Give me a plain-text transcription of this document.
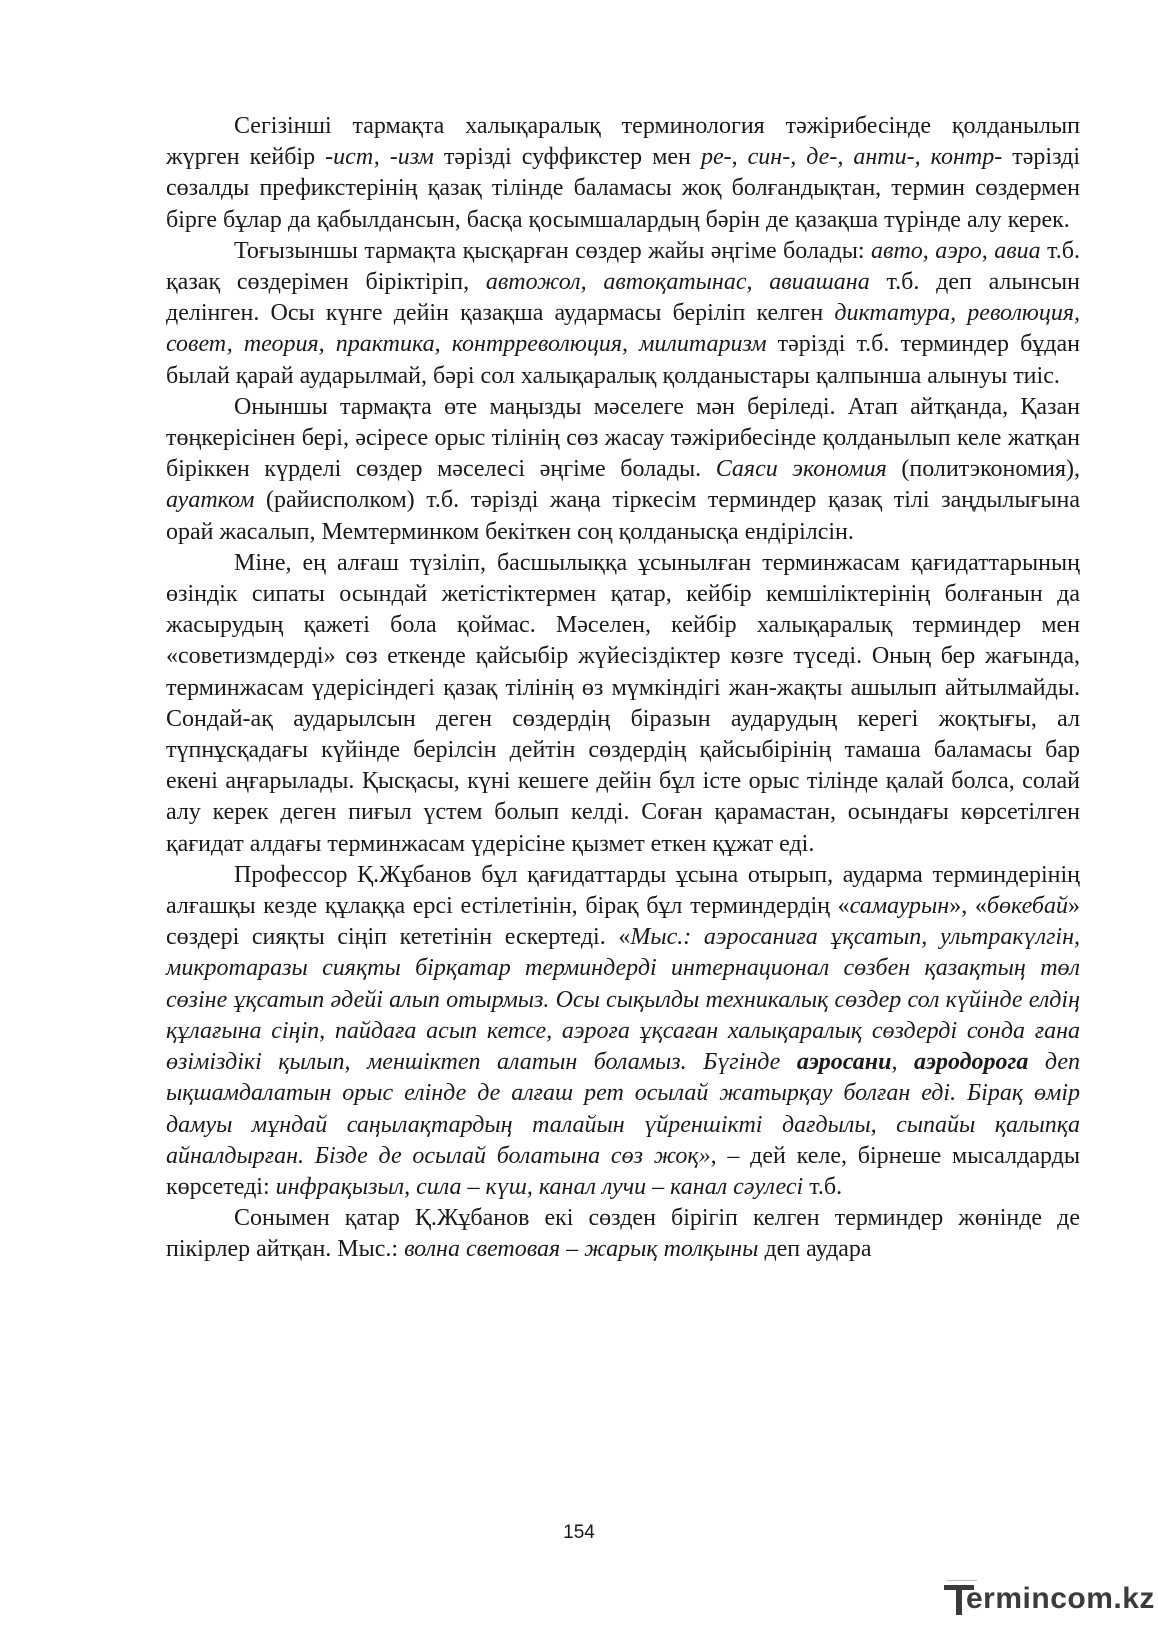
Сегізінші тармақта халықаралық терминология тәжірибесінде қолданылып жүрген кейбір -ист, -изм тәрізді суффикстер мен ре-, син-, де-, анти-, контр- тәрізді сөзалды префикстерінің қазақ тілінде баламасы жоқ болғандықтан, термин сөздермен бірге бұлар да қабылдансын, басқа қосымшалардың бәрін де қазақша түрінде алу керек.

Тоғызыншы тармақта қысқарған сөздер жайы әңгіме болады: авто, аэро, авиа т.б. қазақ сөздерімен біріктіріп, автожол, автоқатынас, авиашана т.б. деп алынсын делінген. Осы күнге дейін қазақша аудармасы беріліп келген диктатура, революция, совет, теория, практика, контрреволюция, милитаризм тәрізді т.б. терминдер бұдан былай қарай аударылмай, бәрі сол халықаралық қолданыстары қалпынша алынуы тиіс.

Оныншы тармақта өте маңызды мәселеге мән беріледі. Атап айтқанда, Қазан төңкерісінен бері, әсіресе орыс тілінің сөз жасау тәжірибесінде қолданылып келе жатқан біріккен күрделі сөздер мәселесі әңгіме болады. Саяси экономия (политэкономия), ауатком (райисполком) т.б. тәрізді жаңа тіркесім терминдер қазақ тілі заңдылығына орай жасалып, Мемтерминком бекіткен соң қолданысқа ендірілсін.

Міне, ең алғаш түзіліп, басшылыққа ұсынылған терминжасам қағидаттарының өзіндік сипаты осындай жетістіктермен қатар, кейбір кемшіліктерінің болғанын да жасырудың қажеті бола қоймас. Мәселен, кейбір халықаралық терминдер мен «советизмдерді» сөз еткенде қайсыбір жүйесіздіктер көзге түседі. Оның бер жағында, терминжасам үдерісіндегі қазақ тілінің өз мүмкіндігі жан-жақты ашылып айтылмайды. Сондай-ақ аударылсын деген сөздердің біразын аударудың керегі жоқтығы, ал түпнұсқадағы күйінде берілсін дейтін сөздердің қайсыбірінің тамаша баламасы бар екені аңғарылады. Қысқасы, күні кешеге дейін бұл істе орыс тілінде қалай болса, солай алу керек деген пиғыл үстем болып келді. Соған қарамастан, осындағы көрсетілген қағидат алдағы терминжасам үдерісіне қызмет еткен құжат еді.

Профессор Қ.Жұбанов бұл қағидаттарды ұсына отырып, аударма терминдерінің алғашқы кезде құлаққа ерсі естілетінін, бірақ бұл терминдердің «самаурын», «бөкебай» сөздері сияқты сіңіп кететінін ескертеді. «Мыс.: аэросаниға ұқсатып, ультракүлгін, микротаразы сияқты бірқатар терминдерді интернационал сөзбен қазақтың төл сөзіне ұқсатып әдейі алып отырмыз. Осы сықылды техникалық сөздер сол күйінде елдің құлағына сіңіп, пайдаға асып кетсе, аэроға ұқсаған халықаралық сөздерді сонда ғана өзіміздікі қылып, меншіктеп алатын боламыз. Бүгінде аэросани, аэродорога деп ықшамдалатын орыс елінде де алғаш рет осылай жатырқау болған еді. Бірақ өмір дамуы мұндай саңылақтардың талайын үйреншікті дағдылы, сыпайы қалыпқа айналдырған. Бізде де осылай болатына сөз жоқ», – дей келе, бірнеше мысалдарды көрсетеді: инфрақызыл, сила – күш, канал лучи – канал сәулесі т.б.

Сонымен қатар Қ.Жұбанов екі сөзден бірігіп келген терминдер жөнінде де пікірлер айтқан. Мыс.: волна световая – жарық толқыны деп аудара

154
ermincom.kz
